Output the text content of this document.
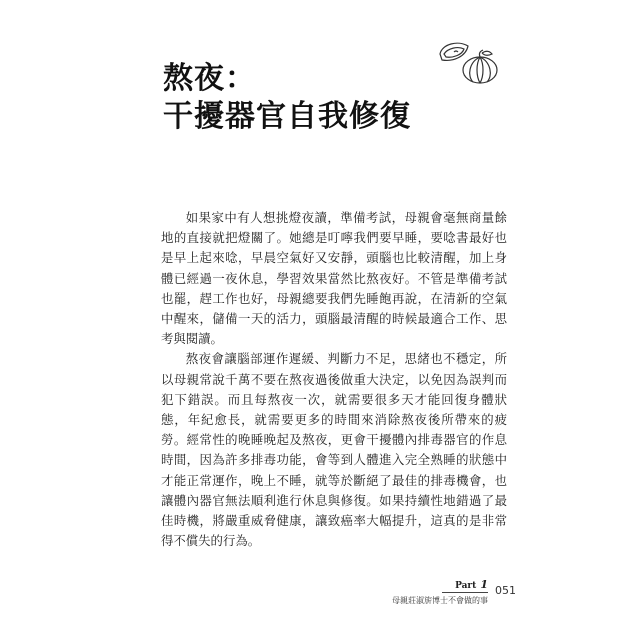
熬夜：
干擾器官自我修復

如果家中有人想挑燈夜讀，準備考試，母親會毫無商量餘地的直接就把燈關了。她總是叮嚀我們要早睡，要唸書最好也是早上起來唸，早晨空氣好又安靜，頭腦也比較清醒，加上身體已經過一夜休息，學習效果當然比熬夜好。不管是準備考試也罷，趕工作也好，母親總要我們先睡飽再說，在清新的空氣中醒來，儲備一天的活力，頭腦最清醒的時候最適合工作、思考與閱讀。

熬夜會讓腦部運作遲緩、判斷力不足，思緒也不穩定，所以母親常說千萬不要在熬夜過後做重大決定，以免因為誤判而犯下錯誤。而且每熬夜一次，就需要很多天才能回復身體狀態，年紀愈長，就需要更多的時間來消除熬夜後所帶來的疲勞。經常性的晚睡晚起及熬夜，更會干擾體內排毒器官的作息時間，因為許多排毒功能，會等到人體進入完全熟睡的狀態中才能正常運作，晚上不睡，就等於斷絕了最佳的排毒機會，也讓體內器官無法順利進行休息與修復。如果持續性地錯過了最佳時機，將嚴重威脅健康，讓致癌率大幅提升，這真的是非常得不償失的行為。

Part 1
母親莊淑旂博士不會做的事
051
